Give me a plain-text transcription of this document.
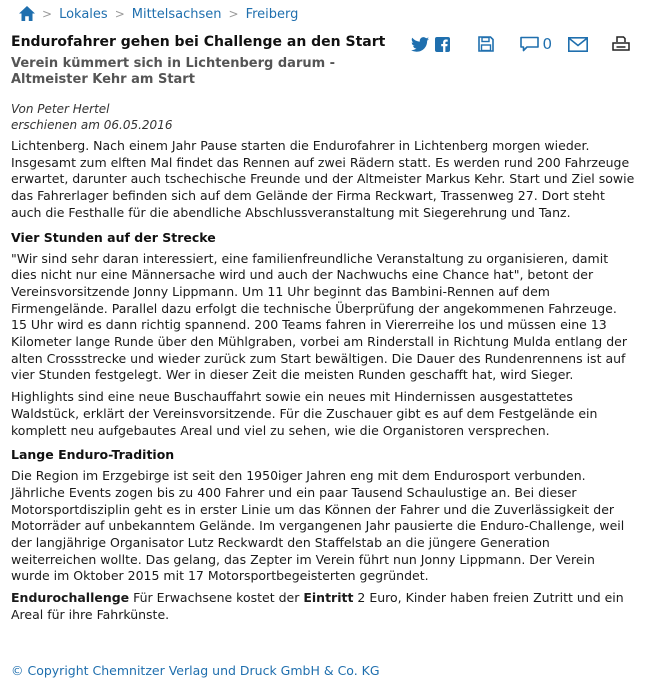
> Lokales > Mittelsachsen > Freiberg
Endurofahrer gehen bei Challenge an den Start
Verein kümmert sich in Lichtenberg darum - Altmeister Kehr am Start
0
Von Peter Hertel
erschienen am 06.05.2016

Lichtenberg. Nach einem Jahr Pause starten die Endurofahrer in Lichtenberg morgen wieder. Insgesamt zum elften Mal findet das Rennen auf zwei Rädern statt. Es werden rund 200 Fahrzeuge erwartet, darunter auch tschechische Freunde und der Altmeister Markus Kehr. Start und Ziel sowie das Fahrerlager befinden sich auf dem Gelände der Firma Reckwart, Trassenweg 27. Dort steht auch die Festhalle für die abendliche Abschlussveranstaltung mit Siegerehrung und Tanz.

Vier Stunden auf der Strecke

"Wir sind sehr daran interessiert, eine familienfreundliche Veranstaltung zu organisieren, damit dies nicht nur eine Männersache wird und auch der Nachwuchs eine Chance hat", betont der Vereinsvorsitzende Jonny Lippmann. Um 11 Uhr beginnt das Bambini-Rennen auf dem Firmengelände. Parallel dazu erfolgt die technische Überprüfung der angekommenen Fahrzeuge. 15 Uhr wird es dann richtig spannend. 200 Teams fahren in Viererreihe los und müssen eine 13 Kilometer lange Runde über den Mühlgraben, vorbei am Rinderstall in Richtung Mulda entlang der alten Crossstrecke und wieder zurück zum Start bewältigen. Die Dauer des Rundenrennens ist auf vier Stunden festgelegt. Wer in dieser Zeit die meisten Runden geschafft hat, wird Sieger.

Highlights sind eine neue Buschauffahrt sowie ein neues mit Hindernissen ausgestattetes Waldstück, erklärt der Vereinsvorsitzende. Für die Zuschauer gibt es auf dem Festgelände ein komplett neu aufgebautes Areal und viel zu sehen, wie die Organistoren versprechen.

Lange Enduro-Tradition

Die Region im Erzgebirge ist seit den 1950iger Jahren eng mit dem Endurosport verbunden. Jährliche Events zogen bis zu 400 Fahrer und ein paar Tausend Schaulustige an. Bei dieser Motorsportdisziplin geht es in erster Linie um das Können der Fahrer und die Zuverlässigkeit der Motorräder auf unbekanntem Gelände. Im vergangenen Jahr pausierte die Enduro-Challenge, weil der langjährige Organisator Lutz Reckwardt den Staffelstab an die jüngere Generation weiterreichen wollte. Das gelang, das Zepter im Verein führt nun Jonny Lippmann. Der Verein wurde im Oktober 2015 mit 17 Motorsportbegeisterten gegründet.

Endurochallenge Für Erwachsene kostet der Eintritt 2 Euro, Kinder haben freien Zutritt und ein Areal für ihre Fahrkünste.

© Copyright Chemnitzer Verlag und Druck GmbH & Co. KG
